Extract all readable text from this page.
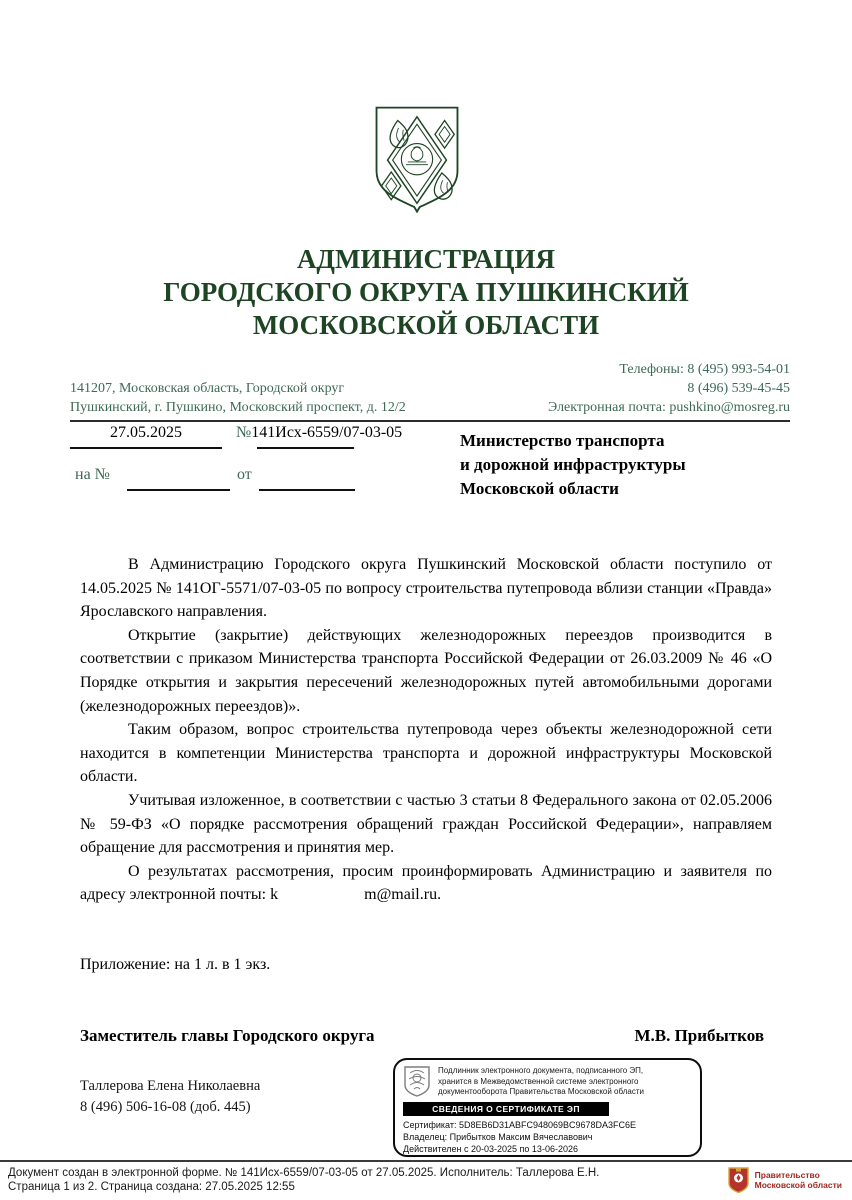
АДМИНИСТРАЦИЯ
ГОРОДСКОГО ОКРУГА ПУШКИНСКИЙ
МОСКОВСКОЙ ОБЛАСТИ
141207, Московская область, Городской округ
Пушкинский, г. Пушкино, Московский проспект, д. 12/2
Телефоны: 8 (495) 993-54-01
8 (496) 539-45-45
Электронная почта: pushkino@mosreg.ru
27.05.2025	№141Исх-6559/07-03-05
на №	от
Министерство транспорта
и дорожной инфраструктуры
Московской области

В Администрацию Городского округа Пушкинский Московской области поступило от 14.05.2025 № 141ОГ-5571/07-03-05 по вопросу строительства путепровода вблизи станции «Правда» Ярославского направления.

Открытие (закрытие) действующих железнодорожных переездов производится в соответствии с приказом Министерства транспорта Российской Федерации от 26.03.2009 № 46 «О Порядке открытия и закрытия пересечений железнодорожных путей автомобильными дорогами (железнодорожных переездов)».

Таким образом, вопрос строительства путепровода через объекты железнодорожной сети находится в компетенции Министерства транспорта и дорожной инфраструктуры Московской области.

Учитывая изложенное, в соответствии с частью 3 статьи 8 Федерального закона от 02.05.2006 № 59-ФЗ «О порядке рассмотрения обращений граждан Российской Федерации», направляем обращение для рассмотрения и принятия мер.

О результатах рассмотрения, просим проинформировать Администрацию и заявителя по адресу электронной почты: k	m@mail.ru.

Приложение: на 1 л. в 1 экз.
Заместитель главы Городского округа	М.В. Прибытков
Таллерова Елена Николаевна
8 (496) 506-16-08 (доб. 445)
Подлинник электронного документа, подписанного ЭП,
хранится в Межведомственной системе электронного
документооборота Правительства Московской области
СВЕДЕНИЯ О СЕРТИФИКАТЕ ЭП
Сертификат: 5D8EB6D31ABFC948069BC9678DA3FC6E
Владелец: Прибытков Максим Вячеславович
Действителен с 20-03-2025 по 13-06-2026
Документ создан в электронной форме. № 141Исх-6559/07-03-05 от 27.05.2025. Исполнитель: Таллерова Е.Н.
Страница 1 из 2. Страница создана: 27.05.2025 12:55
Правительство
Московской области
